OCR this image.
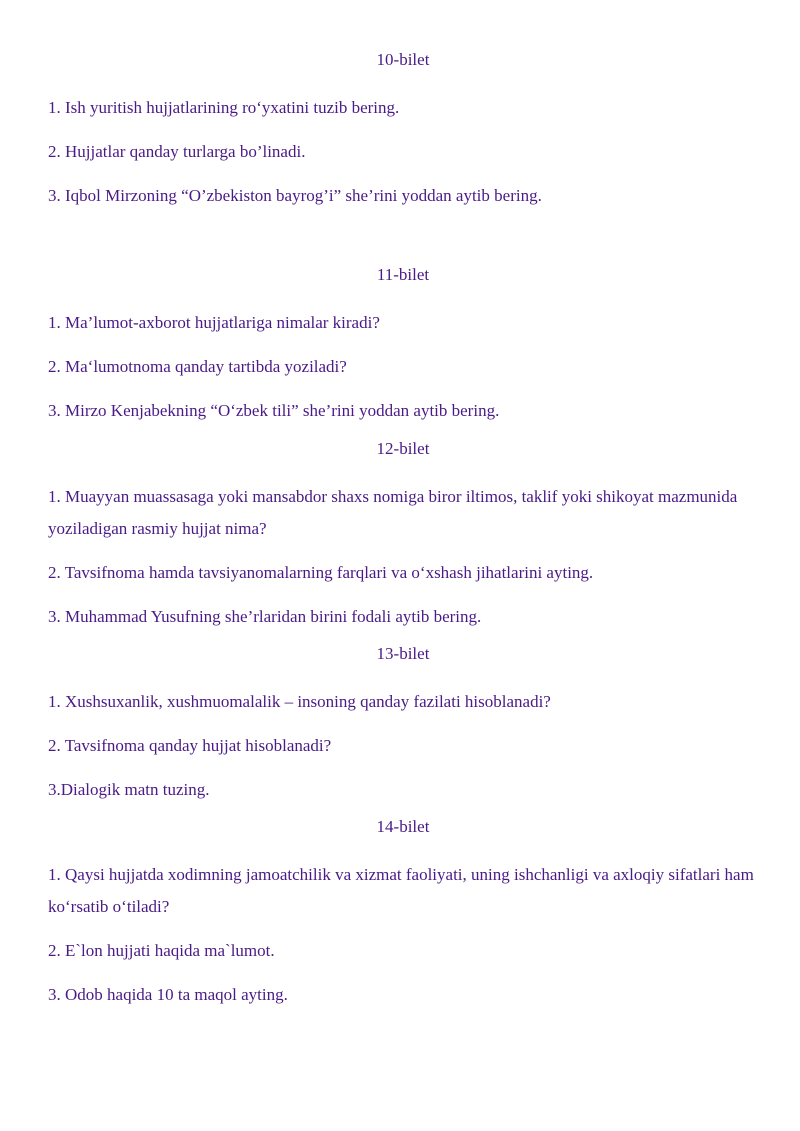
10-bilet

1. Ish yuritish hujjatlarining ro‘yxatini tuzib bering.

2. Hujjatlar qanday turlarga bo’linadi.

3. Iqbol Mirzoning “O’zbekiston bayrog’i” she’rini yoddan aytib bering.

11-bilet

1. Ma’lumot-axborot hujjatlariga nimalar kiradi?

2. Ma‘lumotnoma qanday tartibda yoziladi?

3. Mirzo Kenjabekning “O‘zbek tili” she’rini yoddan aytib bering.

12-bilet

1. Muayyan muassasaga yoki mansabdor shaxs nomiga biror iltimos, taklif yoki shikoyat mazmunida yoziladigan rasmiy hujjat nima?

2. Tavsifnoma hamda tavsiyanomalarning farqlari va o‘xshash jihatlarini ayting.

3. Muhammad Yusufning she’rlaridan birini fodali aytib bering.

13-bilet

1. Xushsuxanlik, xushmuomalalik – insoning qanday fazilati hisoblanadi?

2. Tavsifnoma qanday hujjat hisoblanadi?

3.Dialogik matn tuzing.

14-bilet

1. Qaysi hujjatda xodimning jamoatchilik va xizmat faoliyati, uning ishchanligi va axloqiy sifatlari ham ko‘rsatib o‘tiladi?

2. E`lon hujjati haqida ma`lumot.

3. Odob haqida 10 ta maqol ayting.
